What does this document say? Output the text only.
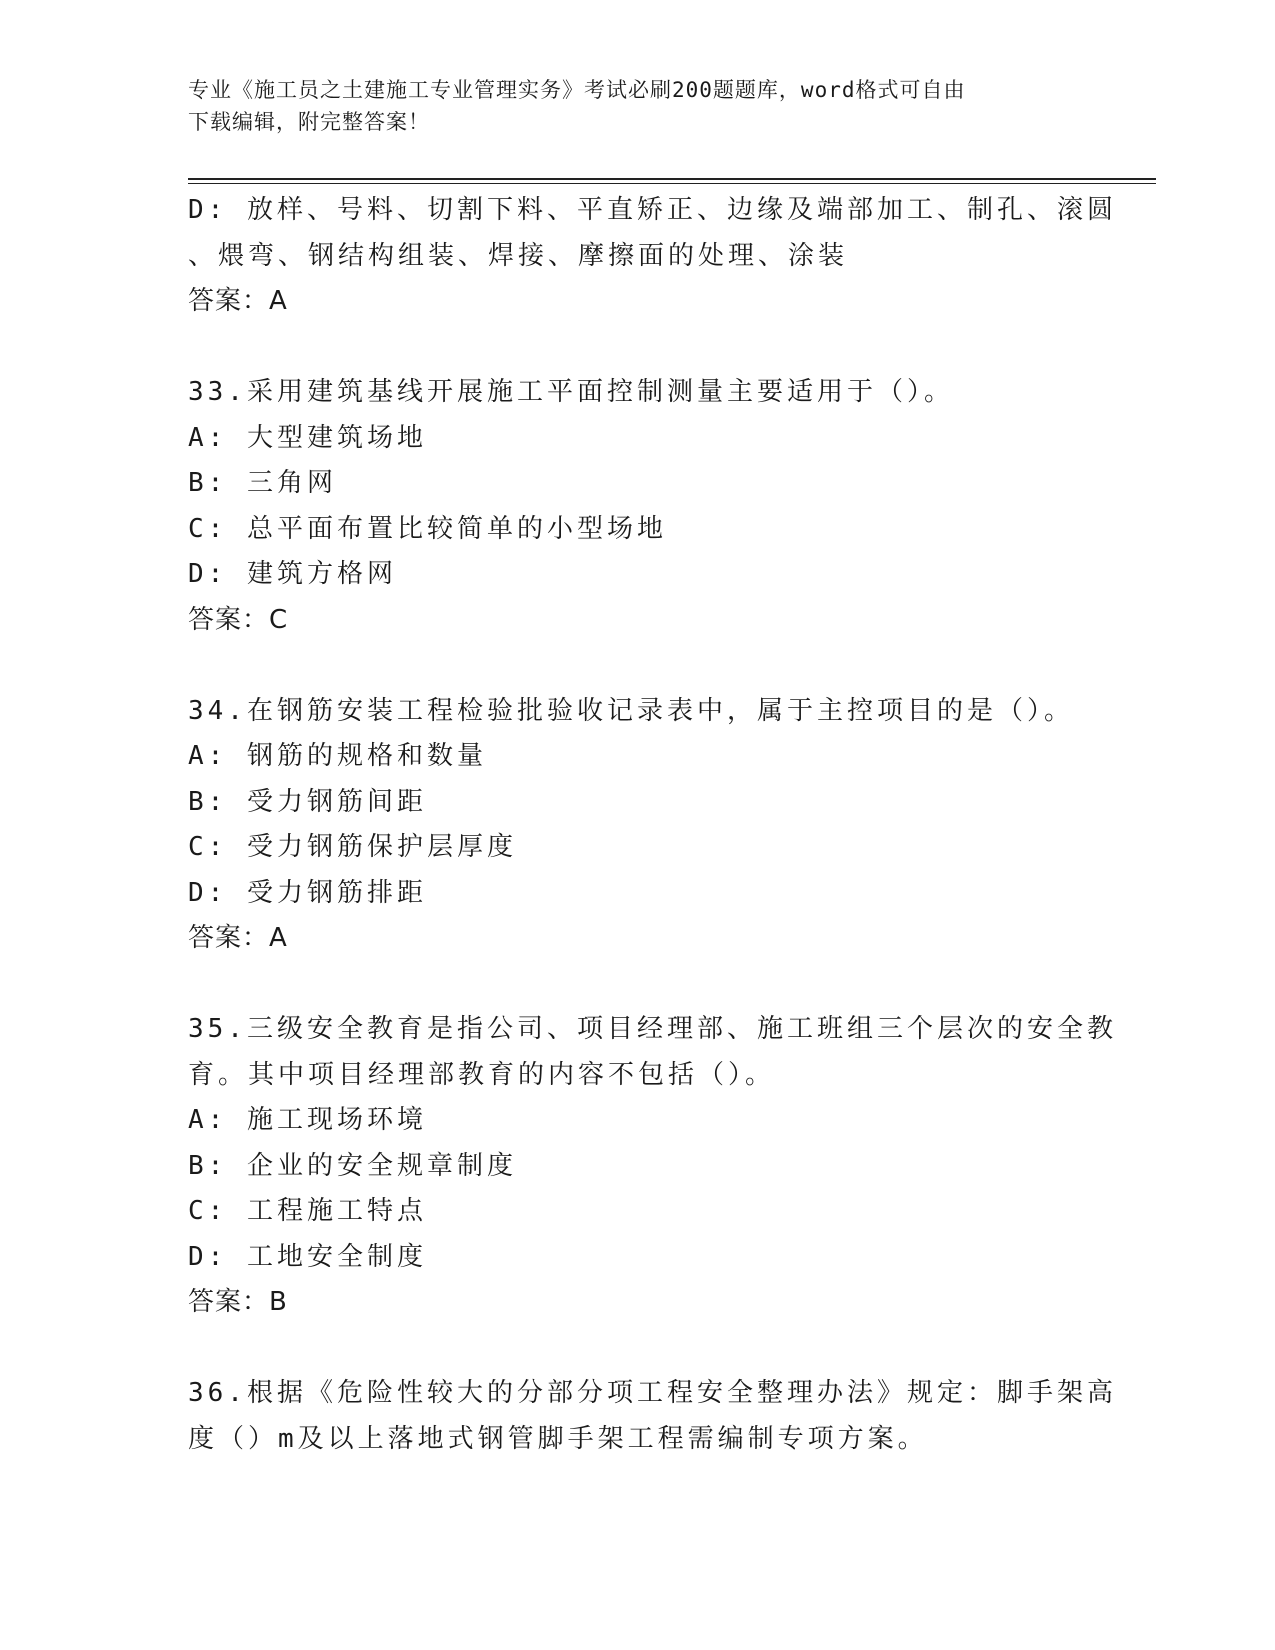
专业《施工员之土建施工专业管理实务》考试必刷200题题库，word格式可自由
下载编辑，附完整答案！
D: 放样、号料、切割下料、平直矫正、边缘及端部加工、制孔、滚圆
、煨弯、钢结构组装、焊接、摩擦面的处理、涂装
答案：A
33.采用建筑基线开展施工平面控制测量主要适用于（）。
A: 大型建筑场地
B: 三角网
C: 总平面布置比较简单的小型场地
D: 建筑方格网
答案：C
34.在钢筋安装工程检验批验收记录表中，属于主控项目的是（）。
A: 钢筋的规格和数量
B: 受力钢筋间距
C: 受力钢筋保护层厚度
D: 受力钢筋排距
答案：A
35.三级安全教育是指公司、项目经理部、施工班组三个层次的安全教
育。其中项目经理部教育的内容不包括（）。
A: 施工现场环境
B: 企业的安全规章制度
C: 工程施工特点
D: 工地安全制度
答案：B
36.根据《危险性较大的分部分项工程安全整理办法》规定：脚手架高
度（）m及以上落地式钢管脚手架工程需编制专项方案。
